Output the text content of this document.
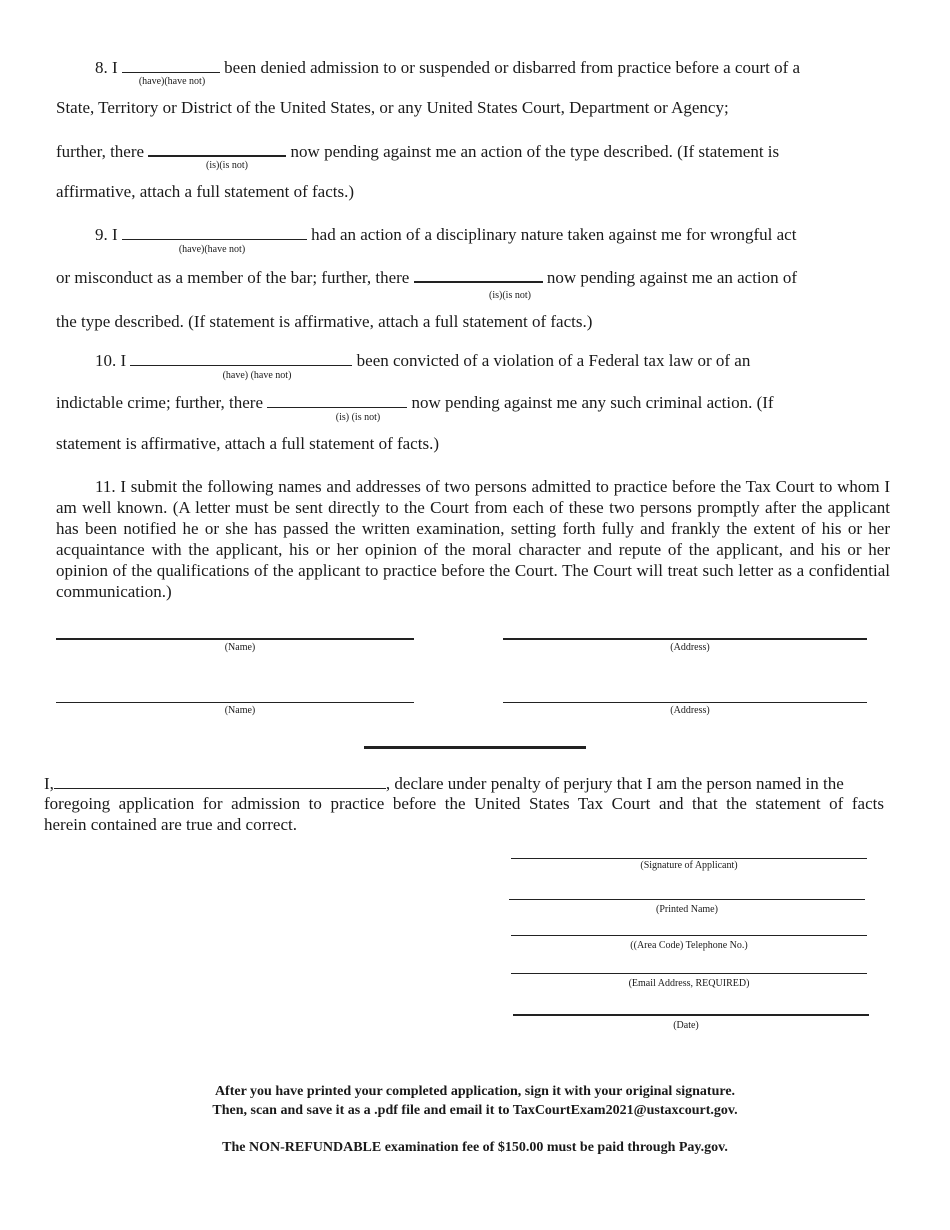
8. I	been denied admission to or suspended or disbarred from practice before a court of a
(have)(have not)
State, Territory or District of the United States, or any United States Court, Department or Agency;
further, there	now pending against me an action of the type described. (If statement is
(is)(is not)
affirmative, attach a full statement of facts.)
9. I	had an action of a disciplinary nature taken against me for wrongful act
(have)(have not)
or misconduct as a member of the bar; further, there	now pending against me an action of
(is)(is not)
the type described. (If statement is affirmative, attach a full statement of facts.)
10. I	been convicted of a violation of a Federal tax law or of an
(have) (have not)
indictable crime; further, there	now pending against me any such criminal action. (If
(is) (is not)
statement is affirmative, attach a full statement of facts.)
11. I submit the following names and addresses of two persons admitted to practice before the Tax Court to whom I am well known. (A letter must be sent directly to the Court from each of these two persons promptly after the applicant has been notified he or she has passed the written examination, setting forth fully and frankly the extent of his or her acquaintance with the applicant, his or her opinion of the moral character and repute of the applicant, and his or her opinion of the qualifications of the applicant to practice before the Court. The Court will treat such letter as a confidential communication.)
(Name)	(Address)
(Name)	(Address)
I,	, declare under penalty of perjury that I am the person named in the
foregoing application for admission to practice before the United States Tax Court and that the statement of facts
herein contained are true and correct.
(Signature of Applicant)
(Printed Name)
((Area Code) Telephone No.)
(Email Address, REQUIRED)
(Date)
After you have printed your completed application, sign it with your original signature.
Then, scan and save it as a .pdf file and email it to TaxCourtExam2021@ustaxcourt.gov.
The NON-REFUNDABLE examination fee of $150.00 must be paid through Pay.gov.
